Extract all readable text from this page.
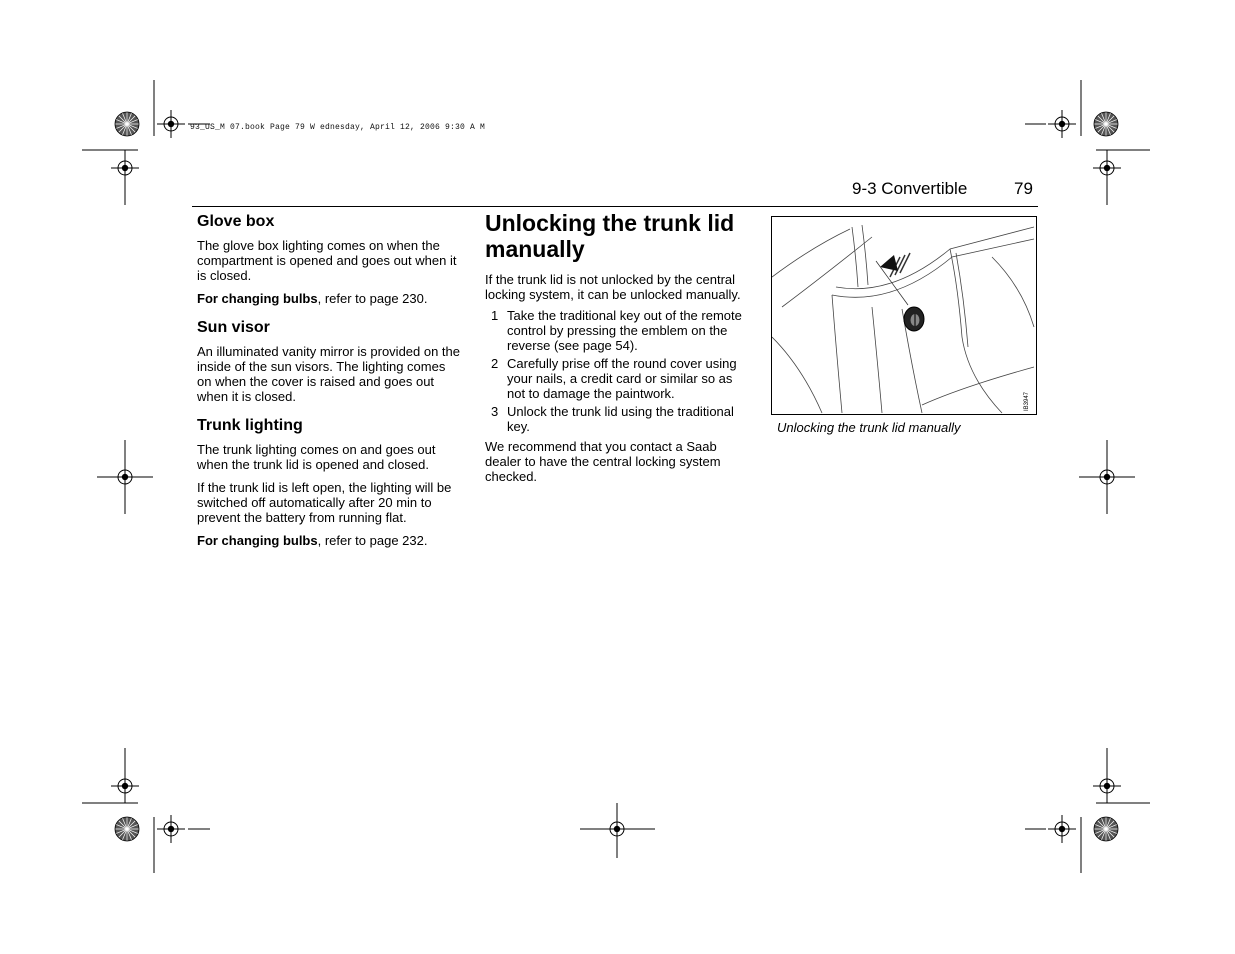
93_US_M 07.book Page 79 W ednesday, April 12, 2006 9:30 A M
9-3 Convertible	79
Glove box

The glove box lighting comes on when the compartment is opened and goes out when it is closed.

For changing bulbs, refer to page 230.

Sun visor

An illuminated vanity mirror is provided on the inside of the sun visors. The lighting comes on when the cover is raised and goes out when it is closed.

Trunk lighting

The trunk lighting comes on and goes out when the trunk lid is opened and closed.

If the trunk lid is left open, the lighting will be switched off automatically after 20 min to prevent the battery from running flat.

For changing bulbs, refer to page 232.

Unlocking the trunk lid manually

If the trunk lid is not unlocked by the central locking system, it can be unlocked manually.

1 Take the traditional key out of the remote control by pressing the emblem on the reverse (see page 54).
2 Carefully prise off the round cover using your nails, a credit card or similar so as not to damage the paintwork.
3 Unlock the trunk lid using the traditional key.

We recommend that you contact a Saab dealer to have the central locking system checked.

IB3947
Unlocking the trunk lid manually
